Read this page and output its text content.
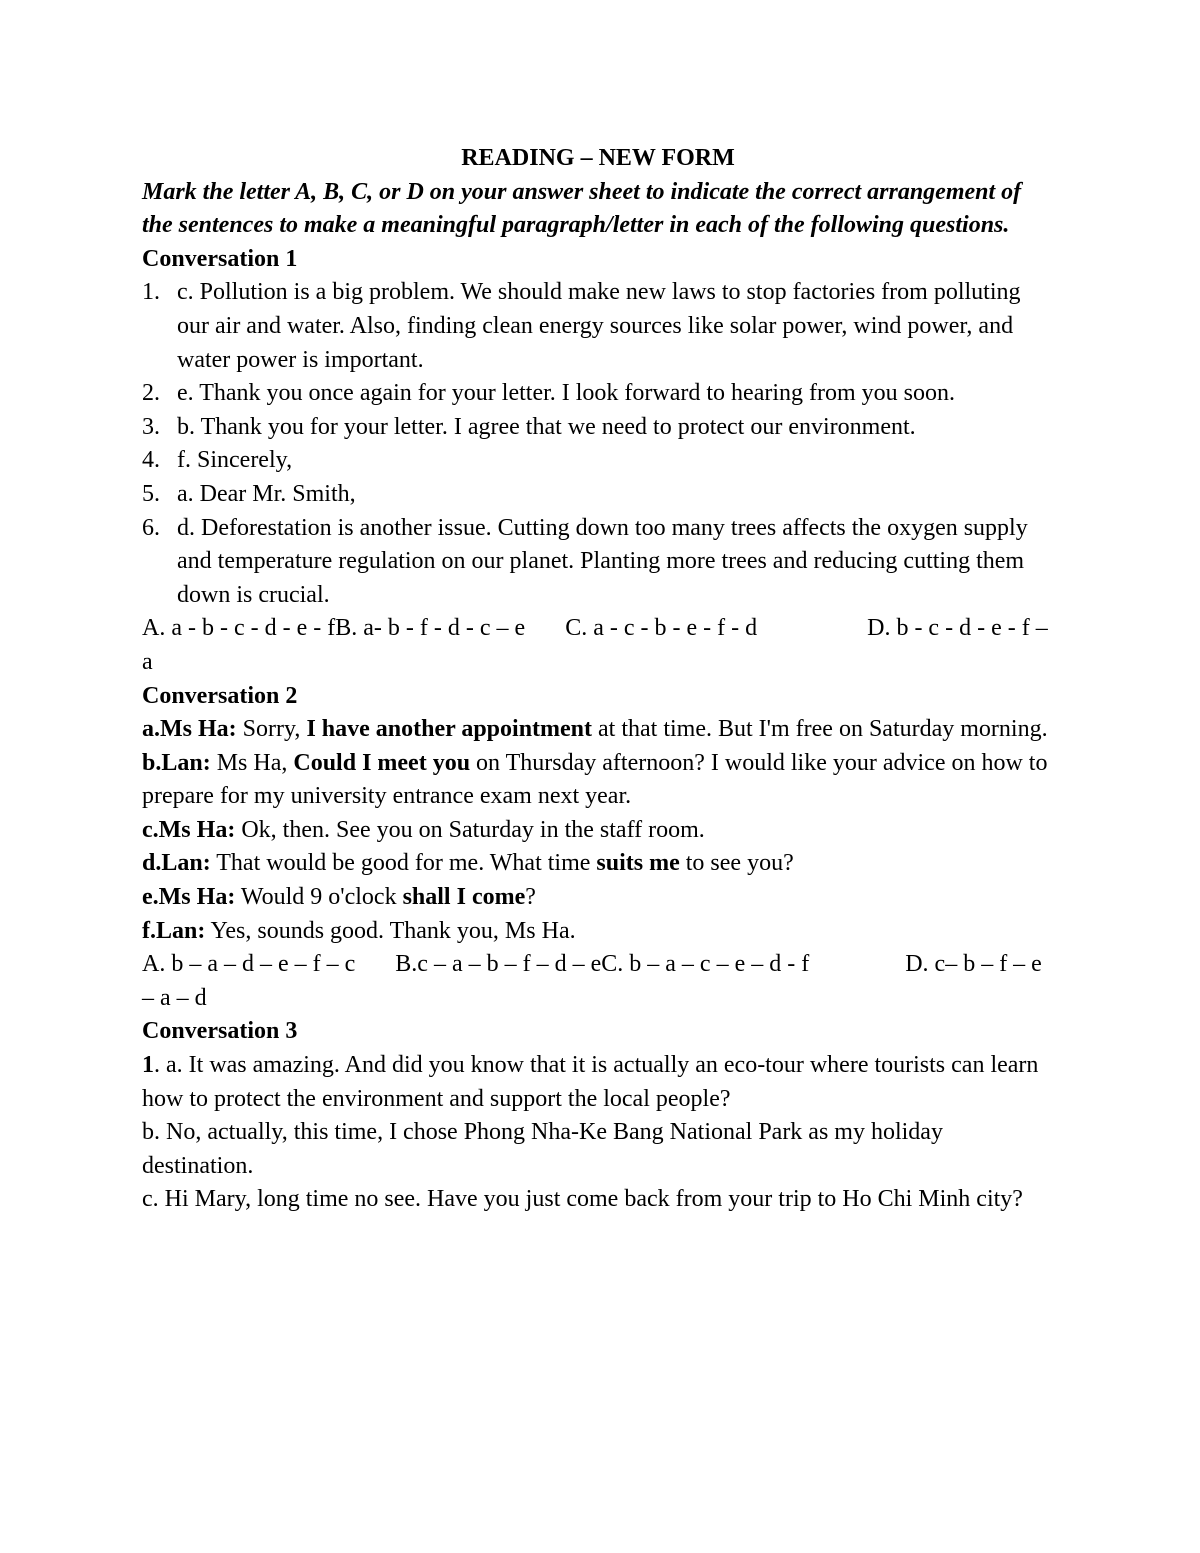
READING – NEW FORM

Mark the letter A, B, C, or D on your answer sheet to indicate the correct arrangement of the sentences to make a meaningful paragraph/letter in each of the following questions.

Conversation 1

1. c. Pollution is a big problem. We should make new laws to stop factories from polluting our air and water. Also, finding clean energy sources like solar power, wind power, and water power is important.
2. e. Thank you once again for your letter. I look forward to hearing from you soon.
3. b. Thank you for your letter. I agree that we need to protect our environment.
4. f. Sincerely,
5. a. Dear Mr. Smith,
6. d. Deforestation is another issue. Cutting down too many trees affects the oxygen supply and temperature regulation on our planet. Planting more trees and reducing cutting them down is crucial.

A. a - b - c - d - e - fB. a- b - f - d - c – e C. a - c - b - e - f - d	D. b - c - d - e - f – a

Conversation 2

a.Ms Ha: Sorry, I have another appointment at that time. But I'm free on Saturday morning.

b.Lan: Ms Ha, Could I meet you on Thursday afternoon? I would like your advice on how to prepare for my university entrance exam next year.

c.Ms Ha: Ok, then. See you on Saturday in the staff room.

d.Lan: That would be good for me. What time suits me to see you?

e.Ms Ha: Would 9 o'clock shall I come?

f.Lan: Yes, sounds good. Thank you, Ms Ha.

A. b – a – d – e – f – c B.c – a – b – f – d – eC. b – a – c – e – d - f	D. c– b – f – e – a – d

Conversation 3

1. a. It was amazing. And did you know that it is actually an eco-tour where tourists can learn how to protect the environment and support the local people?

b. No, actually, this time, I chose Phong Nha-Ke Bang National Park as my holiday destination.

c. Hi Mary, long time no see. Have you just come back from your trip to Ho Chi Minh city?
